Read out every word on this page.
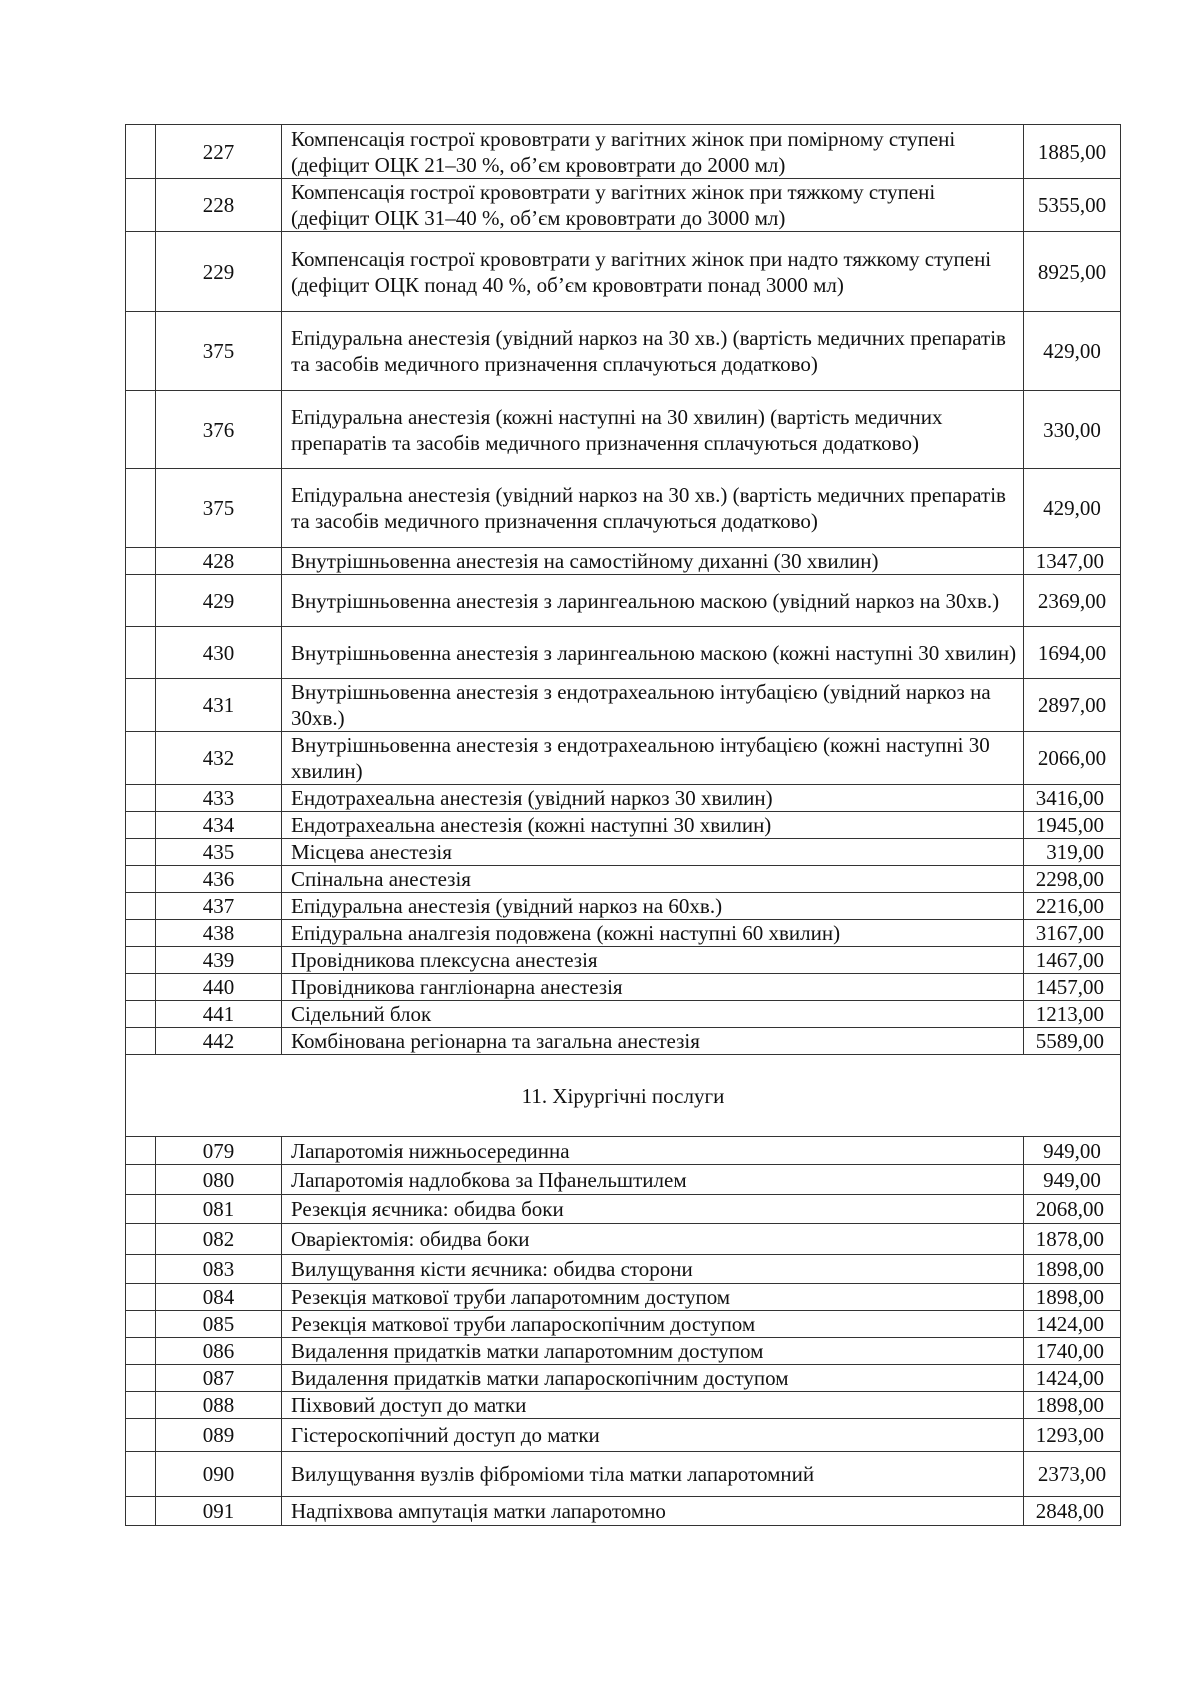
	227	Компенсація гострої крововтрати у вагітних жінок при помірному ступені (дефіцит ОЦК 21–30 %, об’єм крововтрати до 2000 мл)	1885,00
	228	Компенсація гострої крововтрати у вагітних жінок при тяжкому ступені (дефіцит ОЦК 31–40 %, об’єм крововтрати до 3000 мл)	5355,00
	229	Компенсація гострої крововтрати у вагітних жінок при надто тяжкому ступені (дефіцит ОЦК понад 40 %, об’єм крововтрати понад 3000 мл)	8925,00
	375	Епідуральна анестезія (увідний наркоз на 30 хв.) (вартість медичних препаратів та засобів медичного призначення сплачуються додатково)	429,00
	376	Епідуральна анестезія (кожні наступні на 30 хвилин) (вартість медичних препаратів та засобів медичного призначення сплачуються додатково)	330,00
	375	Епідуральна анестезія (увідний наркоз на 30 хв.) (вартість медичних препаратів та засобів медичного призначення сплачуються додатково)	429,00
	428	Внутрішньовенна анестезія на самостійному диханні (30 хвилин)	1347,00
	429	Внутрішньовенна анестезія з ларингеальною маскою (увідний наркоз на 30хв.)	2369,00
	430	Внутрішньовенна анестезія з ларингеальною маскою (кожні наступні 30 хвилин)	1694,00
	431	Внутрішньовенна анестезія з ендотрахеальною інтубацією (увідний наркоз на 30хв.)	2897,00
	432	Внутрішньовенна анестезія з ендотрахеальною інтубацією (кожні наступні 30 хвилин)	2066,00
	433	Ендотрахеальна анестезія (увідний наркоз 30 хвилин)	3416,00
	434	Ендотрахеальна анестезія (кожні наступні 30 хвилин)	1945,00
	435	Місцева анестезія	319,00
	436	Спінальна анестезія	2298,00
	437	Епідуральна анестезія (увідний наркоз на 60хв.)	2216,00
	438	Епідуральна аналгезія подовжена (кожні наступні 60 хвилин)	3167,00
	439	Провідникова плексусна анестезія	1467,00
	440	Провідникова гангліонарна анестезія	1457,00
	441	Сідельний блок	1213,00
	442	Комбінована регіонарна та загальна анестезія	5589,00
11. Хірургічні послуги			
	079	Лапаротомія нижньосерединна	949,00
	080	Лапаротомія надлобкова за Пфанельштилем	949,00
	081	Резекція яєчника: обидва боки	2068,00
	082	Оваріектомія: обидва боки	1878,00
	083	Вилущування кісти яєчника: обидва сторони	1898,00
	084	Резекція маткової труби лапаротомним доступом	1898,00
	085	Резекція маткової труби лапароскопічним доступом	1424,00
	086	Видалення придатків матки лапаротомним доступом	1740,00
	087	Видалення придатків матки лапароскопічним доступом	1424,00
	088	Піхвовий доступ до матки	1898,00
	089	Гістероскопічний доступ до матки	1293,00
	090	Вилущування вузлів фіброміоми тіла матки лапаротомний	2373,00
	091	Надпіхвова ампутація матки лапаротомно	2848,00
